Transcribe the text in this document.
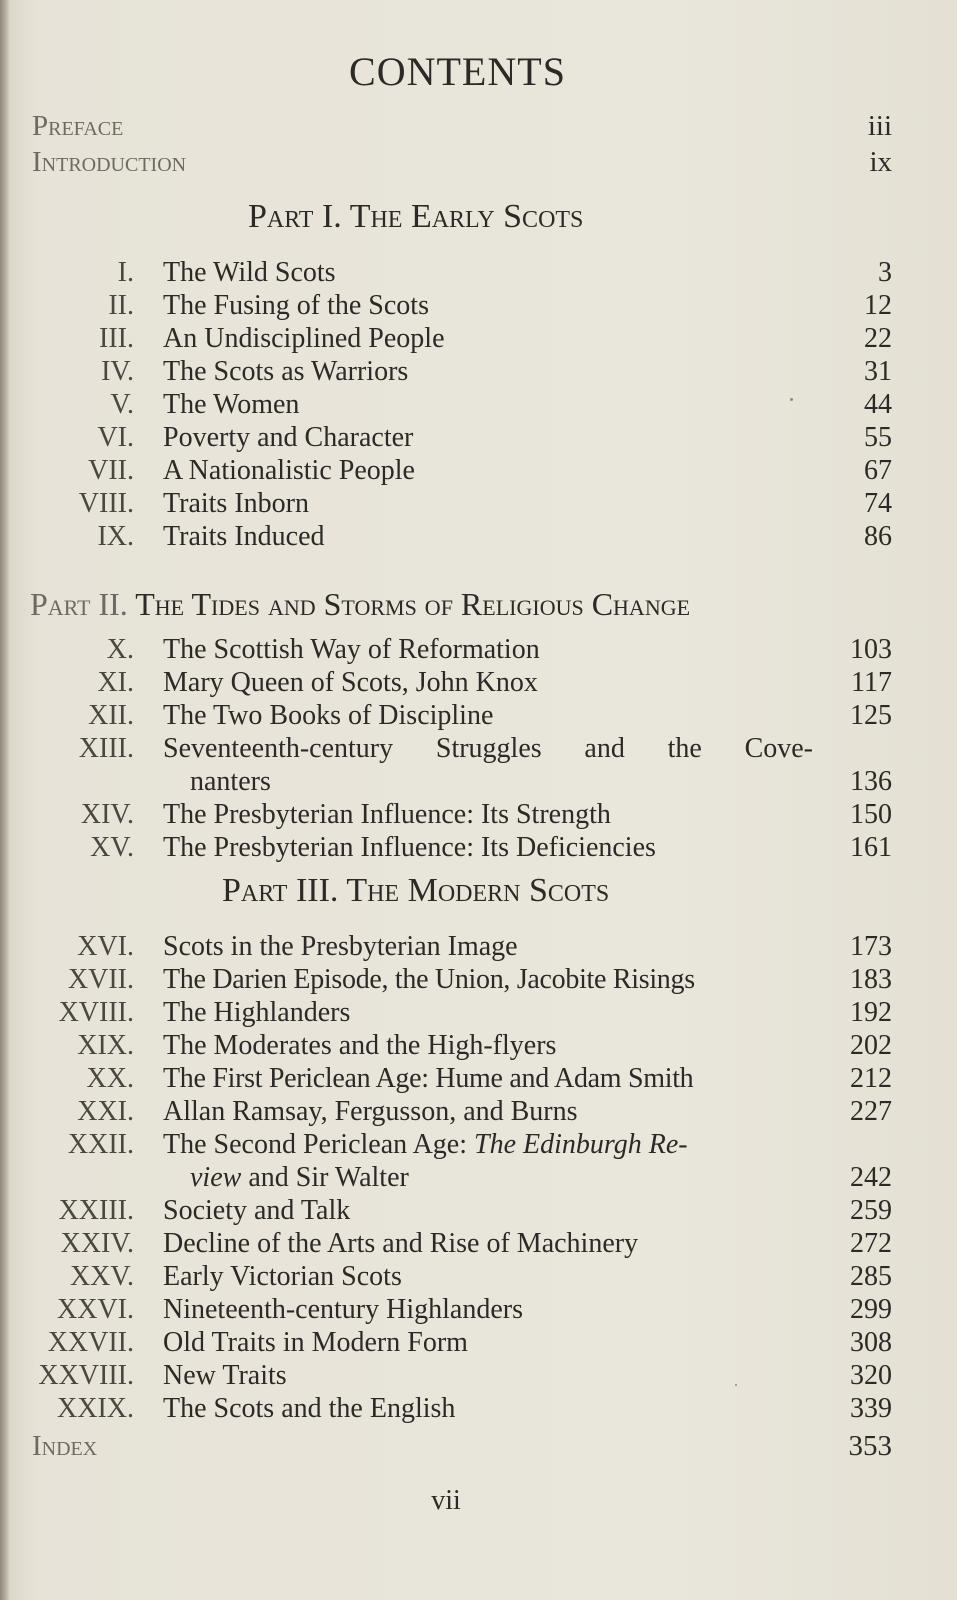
CONTENTS
Preface	iii
Introduction	ix
Part I. The Early Scots
I. The Wild Scots	3
II. The Fusing of the Scots	12
III. An Undisciplined People	22
IV. The Scots as Warriors	31
V. The Women	44
VI. Poverty and Character	55
VII. A Nationalistic People	67
VIII. Traits Inborn	74
IX. Traits Induced	86
Part II. The Tides and Storms of Religious Change
X. The Scottish Way of Reformation	103
XI. Mary Queen of Scots, John Knox	117
XII. The Two Books of Discipline	125
XIII. Seventeenth-century Struggles and the Cove-
nanters	136
XIV. The Presbyterian Influence: Its Strength	150
XV. The Presbyterian Influence: Its Deficiencies	161
Part III. The Modern Scots
XVI. Scots in the Presbyterian Image	173
XVII. The Darien Episode, the Union, Jacobite Risings	183
XVIII. The Highlanders	192
XIX. The Moderates and the High-flyers	202
XX. The First Periclean Age: Hume and Adam Smith	212
XXI. Allan Ramsay, Fergusson, and Burns	227
XXII. The Second Periclean Age: The Edinburgh Re-
view and Sir Walter	242
XXIII. Society and Talk	259
XXIV. Decline of the Arts and Rise of Machinery	272
XXV. Early Victorian Scots	285
XXVI. Nineteenth-century Highlanders	299
XXVII. Old Traits in Modern Form	308
XXVIII. New Traits	320
XXIX. The Scots and the English	339
Index	353
vii
